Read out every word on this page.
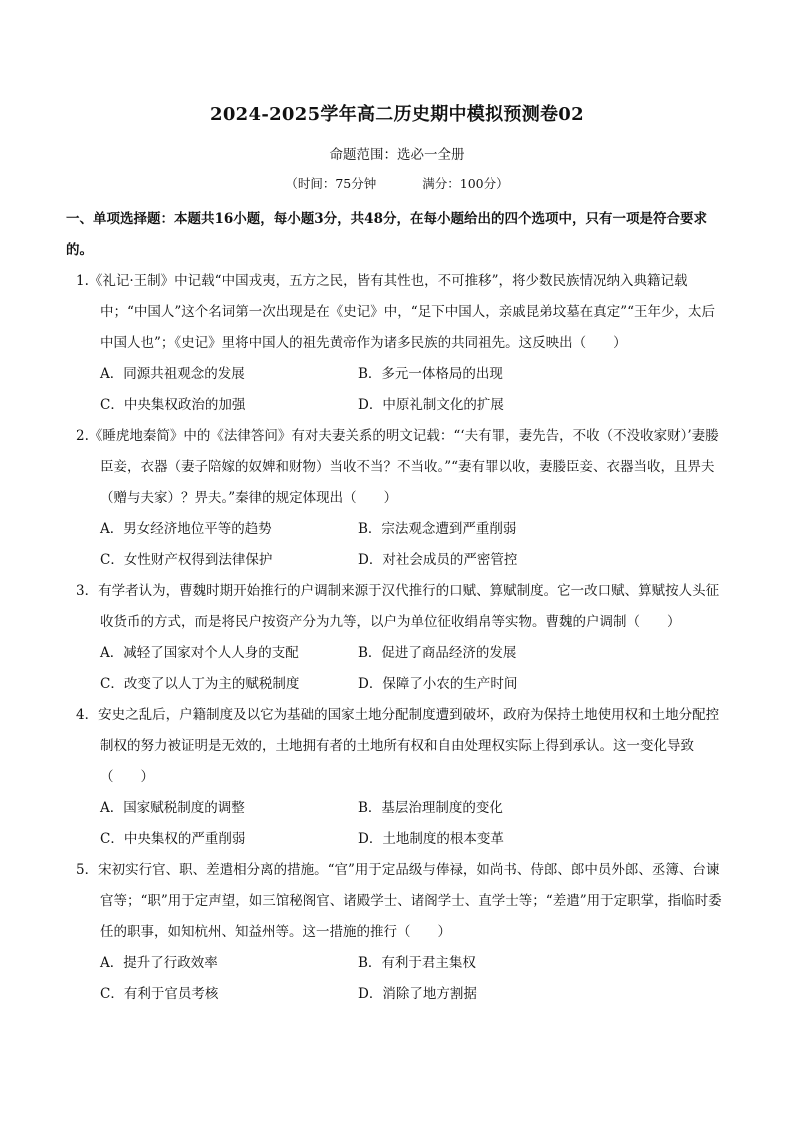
2024-2025学年高二历史期中模拟预测卷02
命题范围：选必一全册
（时间：75分钟	满分：100分）
一、单项选择题：本题共16小题，每小题3分，共48分，在每小题给出的四个选项中，只有一项是符合要求的。
1.《礼记·王制》中记载“中国戎夷，五方之民，皆有其性也，不可推移”，将少数民族情况纳入典籍记载中；“中国人”这个名词第一次出现是在《史记》中，“足下中国人，亲戚昆弟坟墓在真定”“王年少，太后中国人也”；《史记》里将中国人的祖先黄帝作为诸多民族的共同祖先。这反映出（　　）
A．同源共祖观念的发展	B．多元一体格局的出现
C．中央集权政治的加强	D．中原礼制文化的扩展
2.《睡虎地秦简》中的《法律答问》有对夫妻关系的明文记载：“‘夫有罪，妻先告，不收（不没收家财）’妻媵臣妾，衣器（妻子陪嫁的奴婢和财物）当收不当？不当收。”“妻有罪以收，妻媵臣妾、衣器当收，且畀夫（赠与夫家）？畀夫。”秦律的规定体现出（　　）
A．男女经济地位平等的趋势	B．宗法观念遭到严重削弱
C．女性财产权得到法律保护	D．对社会成员的严密管控
3．有学者认为，曹魏时期开始推行的户调制来源于汉代推行的口赋、算赋制度。它一改口赋、算赋按人头征收货币的方式，而是将民户按资产分为九等，以户为单位征收绢帛等实物。曹魏的户调制（　　）
A．减轻了国家对个人人身的支配	B．促进了商品经济的发展
C．改变了以人丁为主的赋税制度	D．保障了小农的生产时间
4．安史之乱后，户籍制度及以它为基础的国家土地分配制度遭到破坏，政府为保持土地使用权和土地分配控制权的努力被证明是无效的，土地拥有者的土地所有权和自由处理权实际上得到承认。这一变化导致（　　）
A．国家赋税制度的调整	B．基层治理制度的变化
C．中央集权的严重削弱	D．土地制度的根本变革
5．宋初实行官、职、差遣相分离的措施。“官”用于定品级与俸禄，如尚书、侍郎、郎中员外郎、丞簿、台谏官等；“职”用于定声望，如三馆秘阁官、诸殿学士、诸阁学士、直学士等；“差遣”用于定职掌，指临时委任的职事，如知杭州、知益州等。这一措施的推行（　　）
A．提升了行政效率	B．有利于君主集权
C．有利于官员考核	D．消除了地方割据
